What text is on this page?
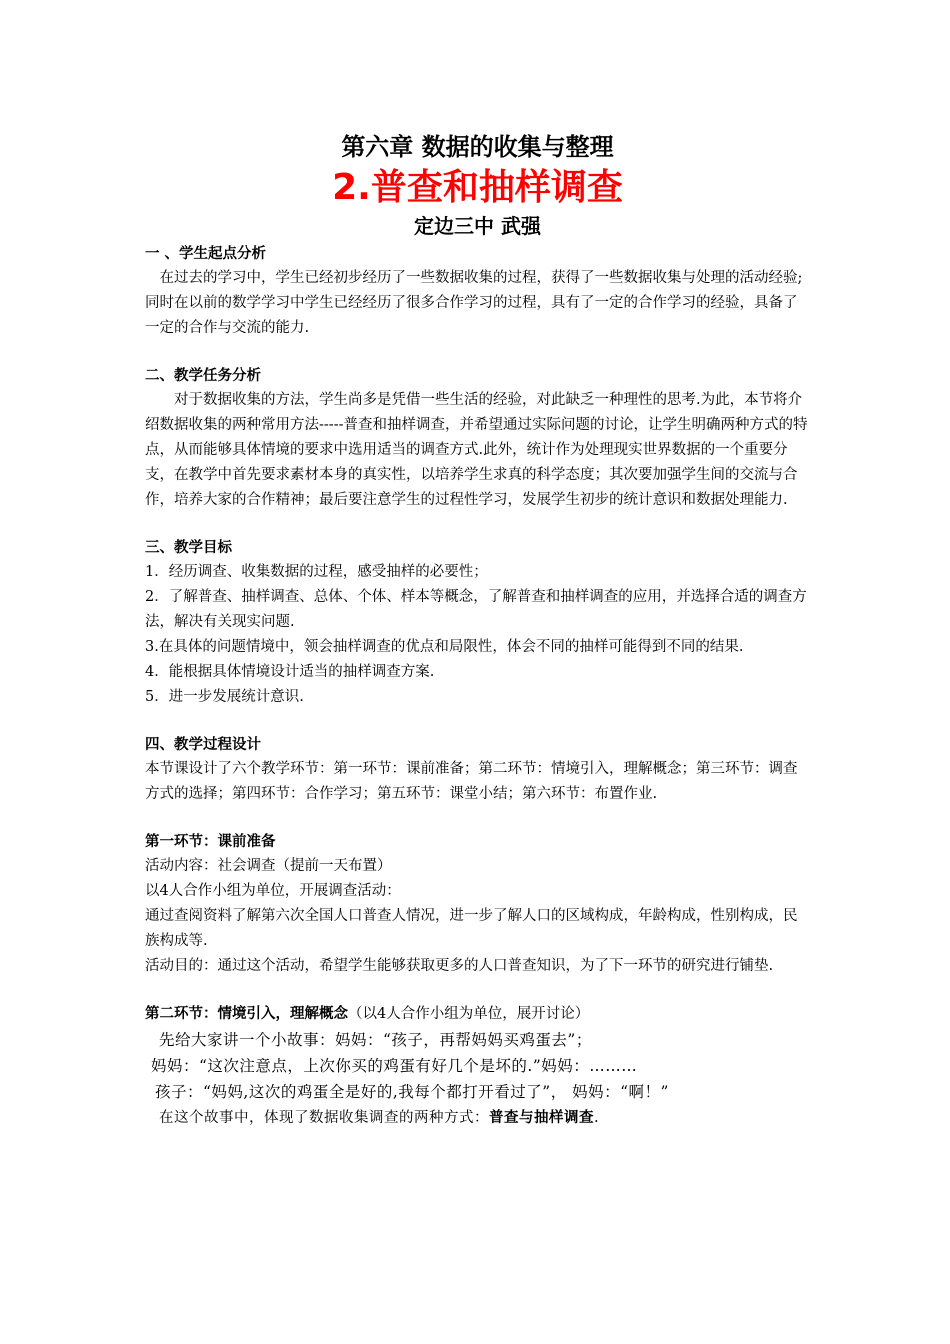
第六章 数据的收集与整理
2.普查和抽样调查
定边三中 武强
一 、学生起点分析

在过去的学习中，学生已经初步经历了一些数据收集的过程，获得了一些数据收集与处理的活动经验; 同时在以前的数学学习中学生已经经历了很多合作学习的过程，具有了一定的合作学习的经验，具备了一定的合作与交流的能力.

二、教学任务分析

对于数据收集的方法，学生尚多是凭借一些生活的经验，对此缺乏一种理性的思考.为此，本节将介绍数据收集的两种常用方法-----普查和抽样调查，并希望通过实际问题的讨论，让学生明确两种方式的特点，从而能够具体情境的要求中选用适当的调查方式.此外，统计作为处理现实世界数据的一个重要分支，在教学中首先要求素材本身的真实性，以培养学生求真的科学态度；其次要加强学生间的交流与合作，培养大家的合作精神；最后要注意学生的过程性学习，发展学生初步的统计意识和数据处理能力.

三、教学目标

1．经历调查、收集数据的过程，感受抽样的必要性；

2．了解普查、抽样调查、总体、个体、样本等概念，了解普查和抽样调查的应用，并选择合适的调查方法，解决有关现实问题.

3.在具体的问题情境中，领会抽样调查的优点和局限性，体会不同的抽样可能得到不同的结果.

4．能根据具体情境设计适当的抽样调查方案.

5．进一步发展统计意识.

四、教学过程设计

本节课设计了六个教学环节：第一环节：课前准备；第二环节：情境引入，理解概念；第三环节：调查方式的选择；第四环节：合作学习；第五环节：课堂小结；第六环节：布置作业.

第一环节：课前准备

活动内容：社会调查（提前一天布置）

以4人合作小组为单位，开展调查活动：

通过查阅资料了解第六次全国人口普查人情况，进一步了解人口的区域构成，年龄构成，性别构成，民族构成等.

活动目的：通过这个活动，希望学生能够获取更多的人口普查知识，为了下一环节的研究进行铺垫.

第二环节：情境引入，理解概念（以4人合作小组为单位，展开讨论）

先给大家讲一个小故事：妈妈：“孩子，再帮妈妈买鸡蛋去”；
妈妈：“这次注意点，上次你买的鸡蛋有好几个是坏的.”妈妈：………
孩子：“妈妈,这次的鸡蛋全是好的,我每个都打开看过了”， 妈妈：“啊！”
在这个故事中，体现了数据收集调查的两种方式：普查与抽样调查.
